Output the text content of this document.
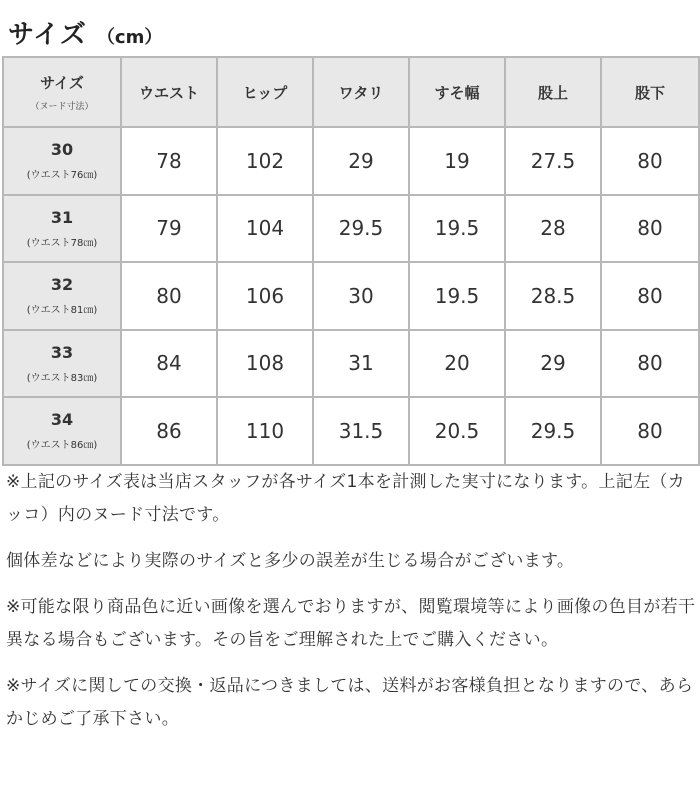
サイズ （cm）
サイズ
（ヌード寸法）	ウエスト	ヒップ	ワタリ	すそ幅	股上	股下

30
(ウエスト76㎝)	78	102	29	19	27.5	80

31
(ウエスト78㎝)	79	104	29.5	19.5	28	80

32
(ウエスト81㎝)	80	106	30	19.5	28.5	80

33
(ウエスト83㎝)	84	108	31	20	29	80

34
(ウエスト86㎝)	86	110	31.5	20.5	29.5	80

※上記のサイズ表は当店スタッフが各サイズ1本を計測した実寸になります。上記左（カッコ）内のヌード寸法です。

個体差などにより実際のサイズと多少の誤差が生じる場合がございます。

※可能な限り商品色に近い画像を選んでおりますが、閲覧環境等により画像の色目が若干異なる場合もございます。その旨をご理解された上でご購入ください。

※サイズに関しての交換・返品につきましては、送料がお客様負担となりますので、あらかじめご了承下さい。
